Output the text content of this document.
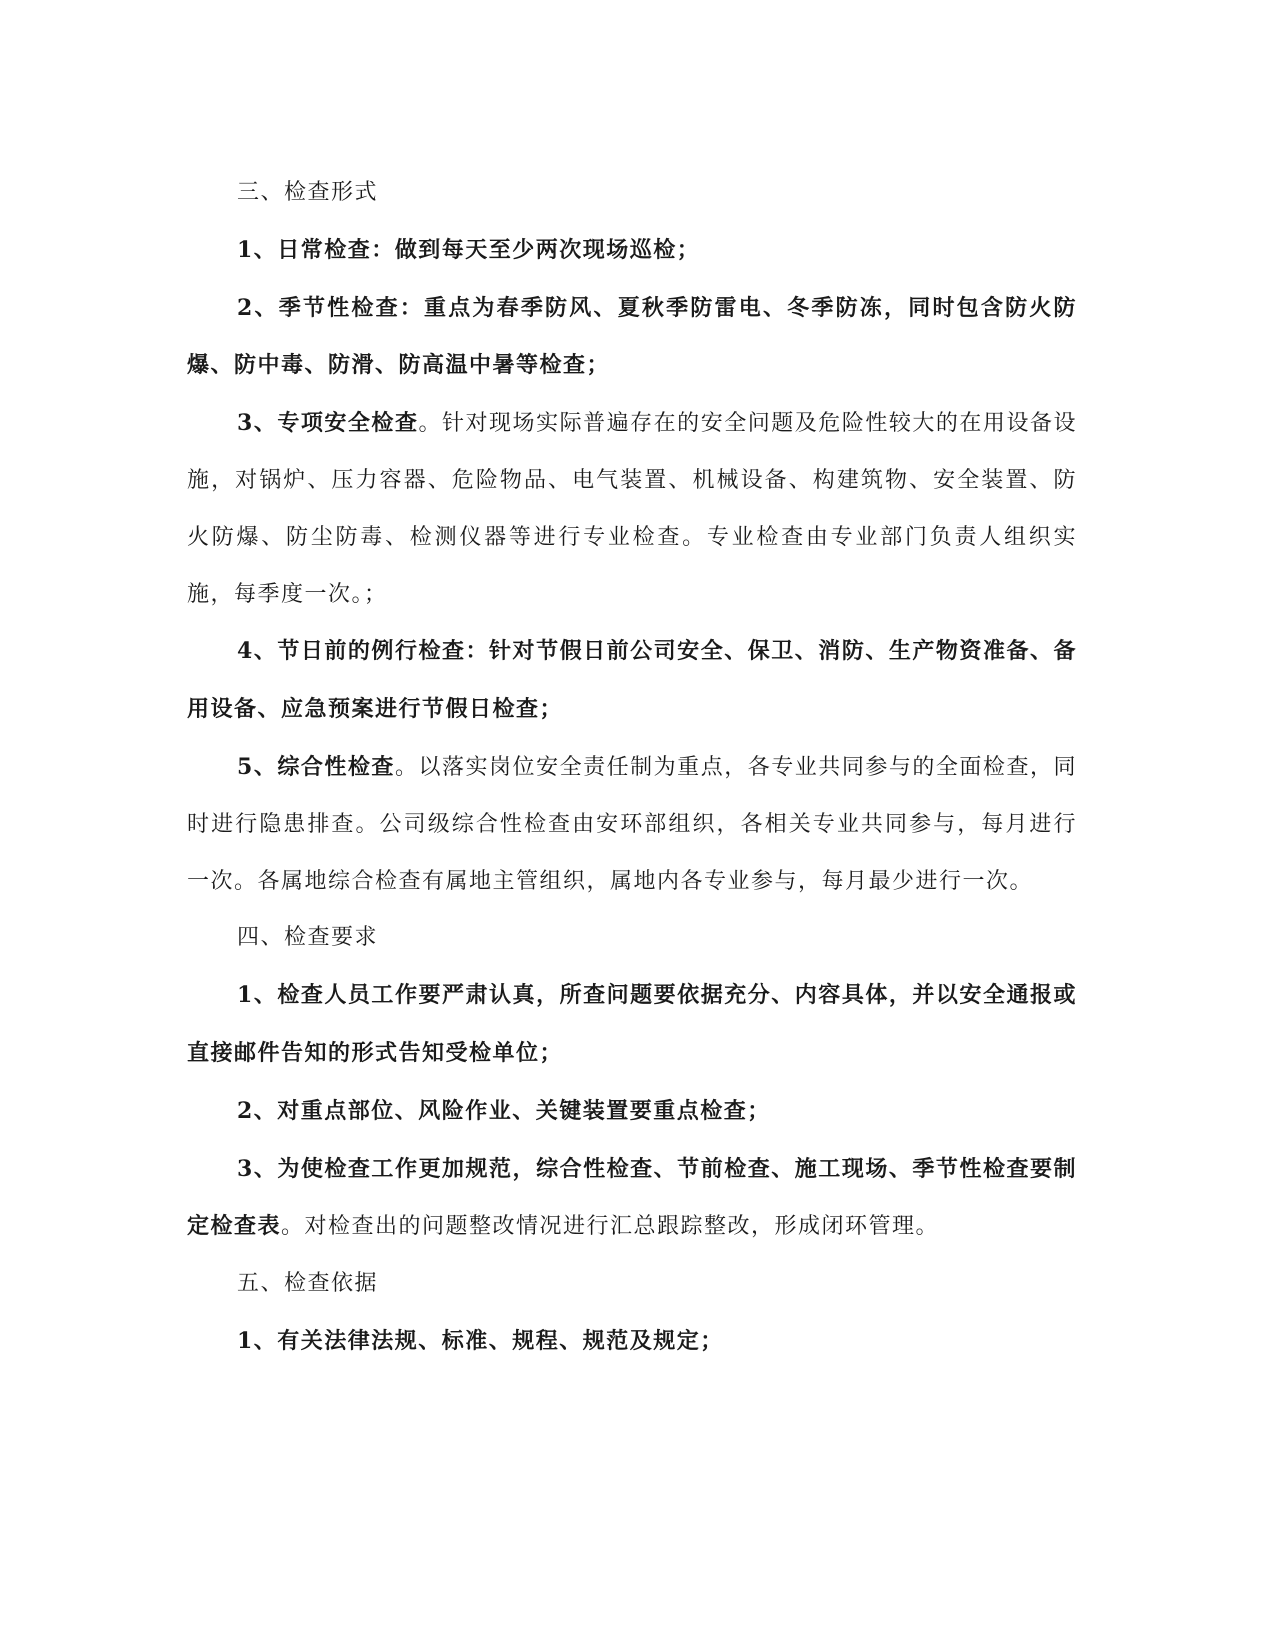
三、检查形式

1、日常检查：做到每天至少两次现场巡检；

2、季节性检查：重点为春季防风、夏秋季防雷电、冬季防冻，同时包含防火防爆、防中毒、防滑、防高温中暑等检查；

3、专项安全检查。针对现场实际普遍存在的安全问题及危险性较大的在用设备设施，对锅炉、压力容器、危险物品、电气装置、机械设备、构建筑物、安全装置、防火防爆、防尘防毒、检测仪器等进行专业检查。专业检查由专业部门负责人组织实施，每季度一次。；

4、节日前的例行检查：针对节假日前公司安全、保卫、消防、生产物资准备、备用设备、应急预案进行节假日检查；

5、综合性检查。以落实岗位安全责任制为重点，各专业共同参与的全面检查，同时进行隐患排查。公司级综合性检查由安环部组织，各相关专业共同参与，每月进行一次。各属地综合检查有属地主管组织，属地内各专业参与，每月最少进行一次。

四、检查要求

1、检查人员工作要严肃认真，所查问题要依据充分、内容具体，并以安全通报或直接邮件告知的形式告知受检单位；

2、对重点部位、风险作业、关键装置要重点检查；

3、为使检查工作更加规范，综合性检查、节前检查、施工现场、季节性检查要制定检查表。对检查出的问题整改情况进行汇总跟踪整改，形成闭环管理。

五、检查依据

1、有关法律法规、标准、规程、规范及规定；
